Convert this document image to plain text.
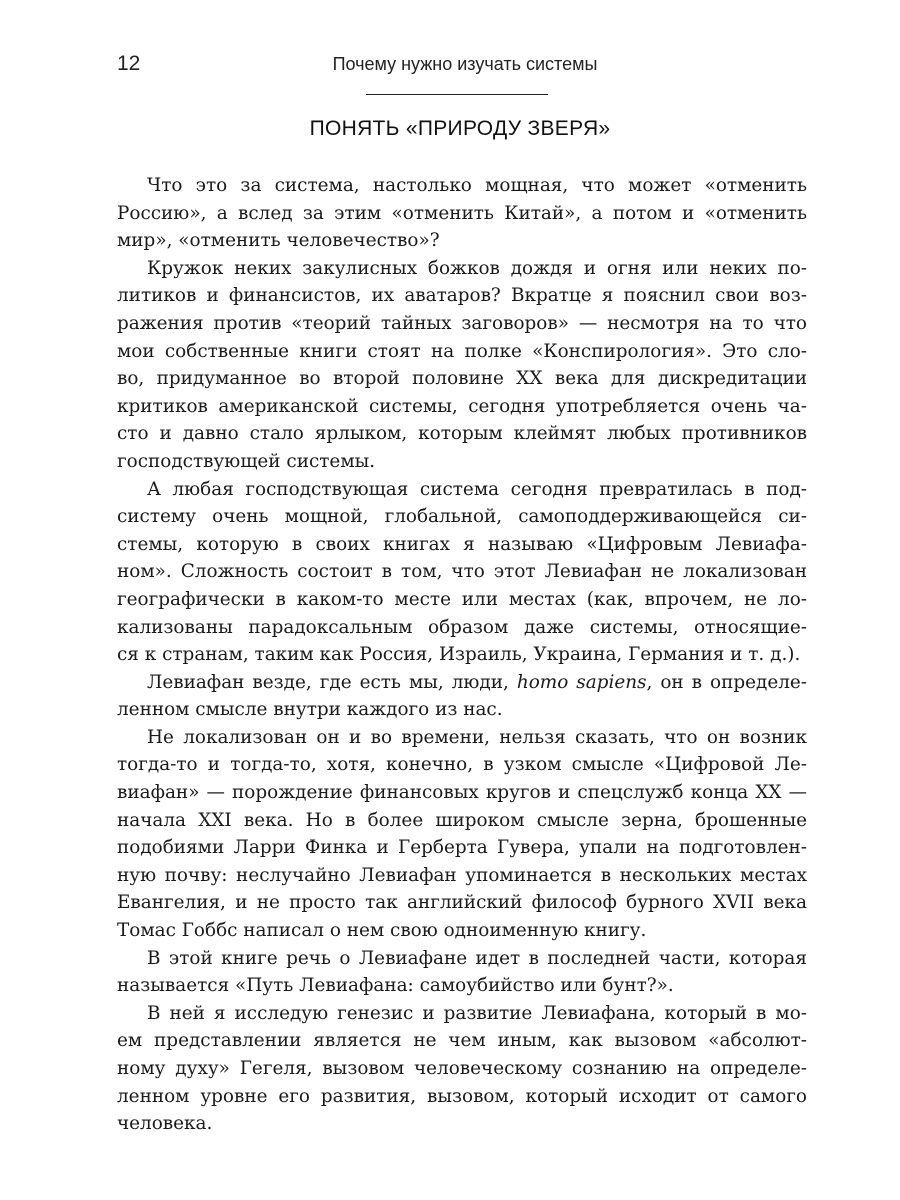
12	Почему нужно изучать системы
ПОНЯТЬ «ПРИРОДУ ЗВЕРЯ»
Что это за система, настолько мощная, что может «отменить
Россию», а вслед за этим «отменить Китай», а потом и «отменить
мир», «отменить человечество»?
Кружок неких закулисных божков дождя и огня или неких по-
литиков и финансистов, их аватаров? Вкратце я пояснил свои воз-
ражения против «теорий тайных заговоров» — несмотря на то что
мои собственные книги стоят на полке «Конспирология». Это сло-
во, придуманное во второй половине XX века для дискредитации
критиков американской системы, сегодня употребляется очень ча-
сто и давно стало ярлыком, которым клеймят любых противников
господствующей системы.
А любая господствующая система сегодня превратилась в под-
систему очень мощной, глобальной, самоподдерживающейся си-
стемы, которую в своих книгах я называю «Цифровым Левиафа-
ном». Сложность состоит в том, что этот Левиафан не локализован
географически в каком-то месте или местах (как, впрочем, не ло-
кализованы парадоксальным образом даже системы, относящие-
ся к странам, таким как Россия, Израиль, Украина, Германия и т. д.).
Левиафан везде, где есть мы, люди, homo sapiens, он в определе-
ленном смысле внутри каждого из нас.
Не локализован он и во времени, нельзя сказать, что он возник
тогда-то и тогда-то, хотя, конечно, в узком смысле «Цифровой Ле-
виафан» — порождение финансовых кругов и спецслужб конца XX —
начала XXI века. Но в более широком смысле зерна, брошенные
подобиями Ларри Финка и Герберта Гувера, упали на подготовлен-
ную почву: неслучайно Левиафан упоминается в нескольких местах
Евангелия, и не просто так английский философ бурного XVII века
Томас Гоббс написал о нем свою одноименную книгу.
В этой книге речь о Левиафане идет в последней части, которая
называется «Путь Левиафана: самоубийство или бунт?».
В ней я исследую генезис и развитие Левиафана, который в мо-
ем представлении является не чем иным, как вызовом «абсолют-
ному духу» Гегеля, вызовом человеческому сознанию на определе-
ленном уровне его развития, вызовом, который исходит от самого
человека.
